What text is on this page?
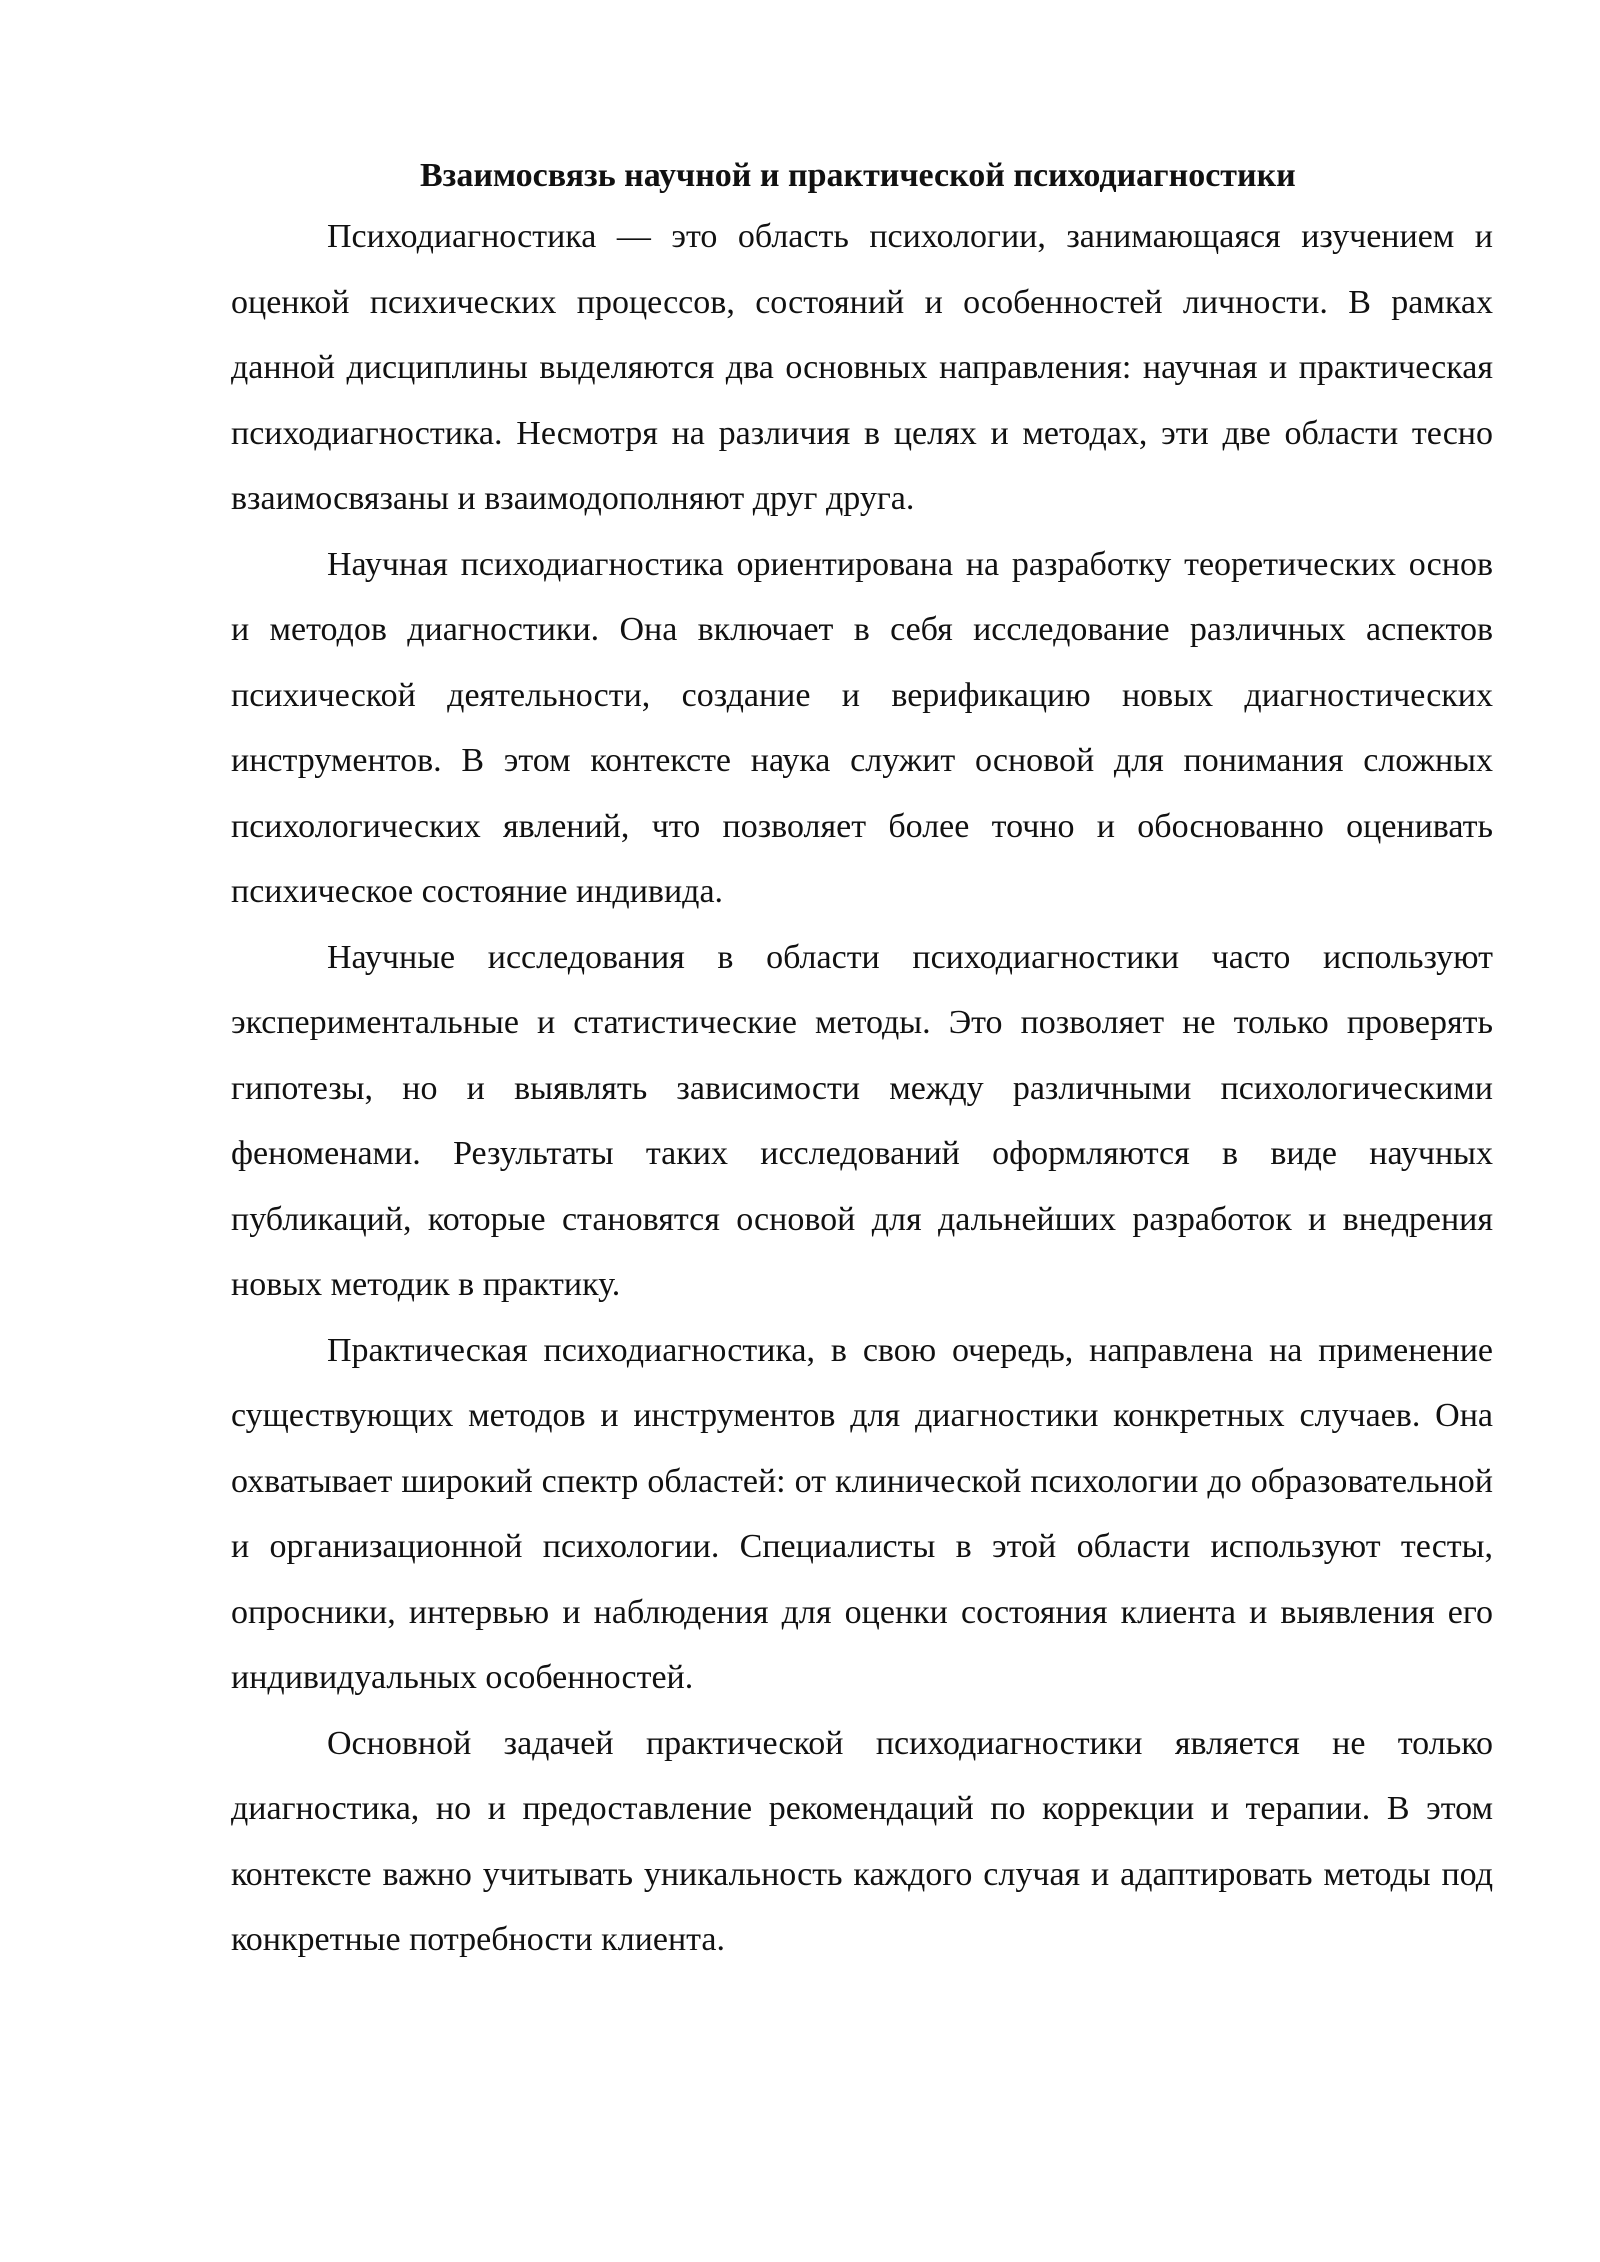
Взаимосвязь научной и практической психодиагностики

Психодиагностика — это область психологии, занимающаяся изучением и оценкой психических процессов, состояний и особенностей личности. В рамках данной дисциплины выделяются два основных направления: научная и практическая психодиагностика. Несмотря на различия в целях и методах, эти две области тесно взаимосвязаны и взаимодополняют друг друга.

Научная психодиагностика ориентирована на разработку теоретических основ и методов диагностики. Она включает в себя исследование различных аспектов психической деятельности, создание и верификацию новых диагностических инструментов. В этом контексте наука служит основой для понимания сложных психологических явлений, что позволяет более точно и обоснованно оценивать психическое состояние индивида.

Научные исследования в области психодиагностики часто используют экспериментальные и статистические методы. Это позволяет не только проверять гипотезы, но и выявлять зависимости между различными психологическими феноменами. Результаты таких исследований оформляются в виде научных публикаций, которые становятся основой для дальнейших разработок и внедрения новых методик в практику.

Практическая психодиагностика, в свою очередь, направлена на применение существующих методов и инструментов для диагностики конкретных случаев. Она охватывает широкий спектр областей: от клинической психологии до образовательной и организационной психологии. Специалисты в этой области используют тесты, опросники, интервью и наблюдения для оценки состояния клиента и выявления его индивидуальных особенностей.

Основной задачей практической психодиагностики является не только диагностика, но и предоставление рекомендаций по коррекции и терапии. В этом контексте важно учитывать уникальность каждого случая и адаптировать методы под конкретные потребности клиента.
